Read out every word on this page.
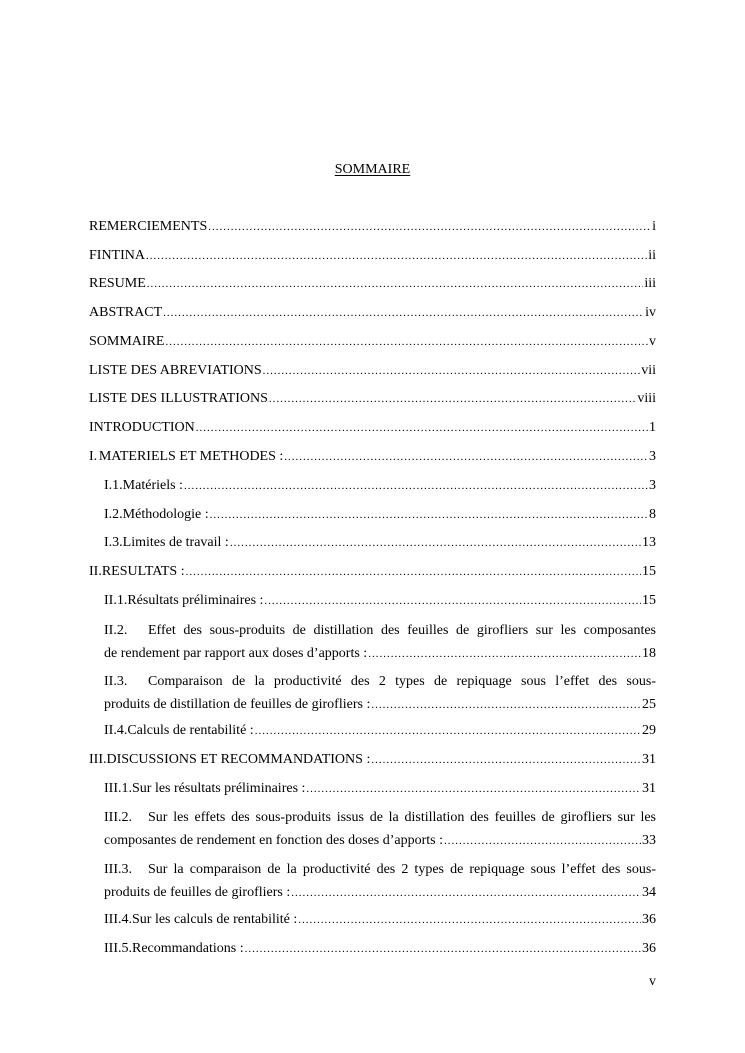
SOMMAIRE
REMERCIEMENTS .....	i
FINTINA .....	ii
RESUME .....	iii
ABSTRACT .....	iv
SOMMAIRE .....	v
LISTE DES ABREVIATIONS .....	vii
LISTE DES ILLUSTRATIONS .....	viii
INTRODUCTION .....	1
I. MATERIELS ET METHODES : .....	3
I.1. Matériels : .....	3
I.2. Méthodologie : .....	8
I.3. Limites de travail : .....	13
II. RESULTATS : .....	15
II.1. Résultats préliminaires : .....	15
II.2. Effet des sous-produits de distillation des feuilles de girofliers sur les composantes
de rendement par rapport aux doses d’apports : .....	18
II.3. Comparaison de la productivité des 2 types de repiquage sous l’effet des sous-
produits de distillation de feuilles de girofliers : .....	25
II.4. Calculs de rentabilité : .....	29
III. DISCUSSIONS ET RECOMMANDATIONS : .....	31
III.1. Sur les résultats préliminaires : .....	31
III.2. Sur les effets des sous-produits issus de la distillation des feuilles de girofliers sur les
composantes de rendement en fonction des doses d’apports : .....	33
III.3. Sur la comparaison de la productivité des 2 types de repiquage sous l’effet des sous-
produits de feuilles de girofliers : .....	34
III.4. Sur les calculs de rentabilité : .....	36
III.5. Recommandations : .....	36
v
